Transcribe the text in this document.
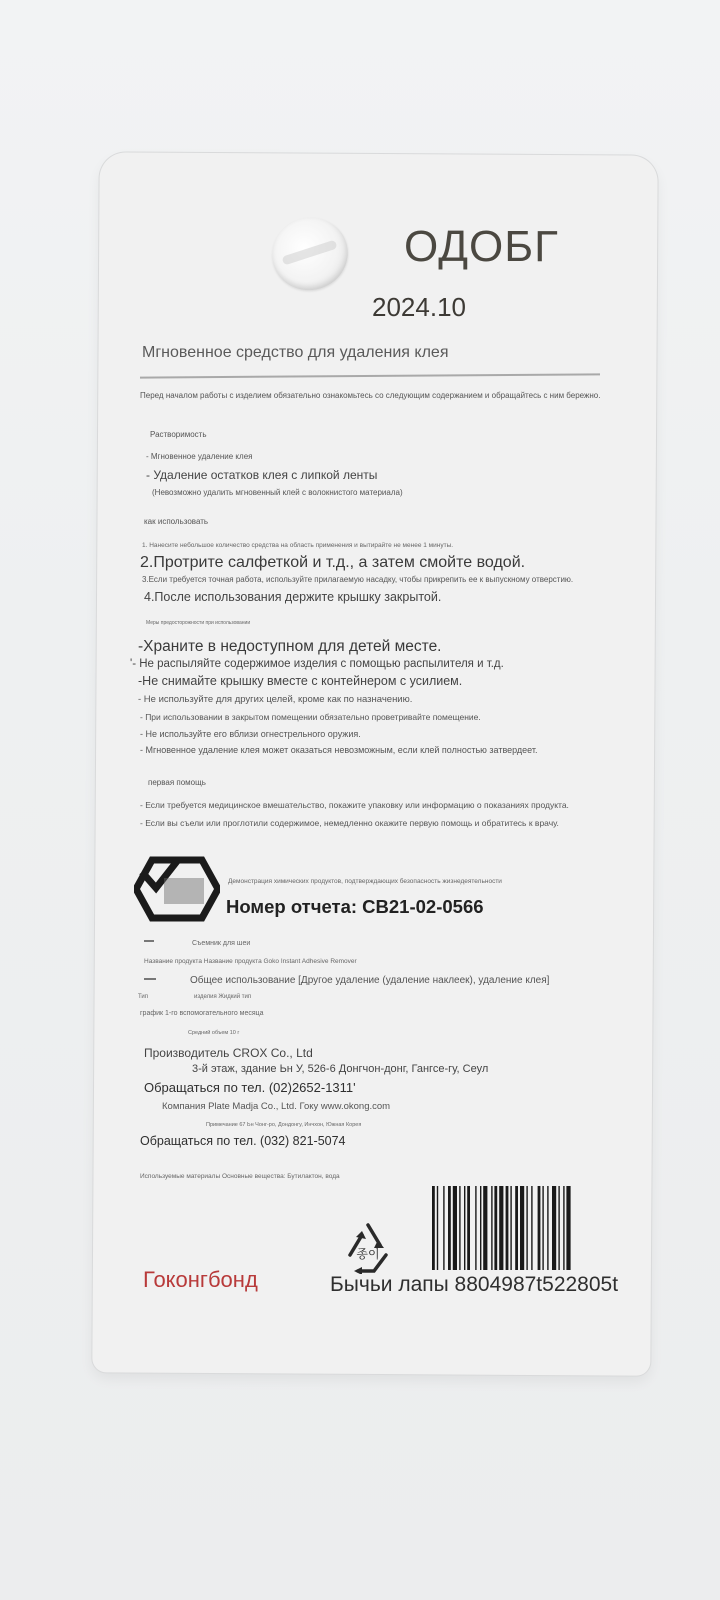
ОДОБГ
2024.10
Мгновенное средство для удаления клея
Перед началом работы с изделием обязательно ознакомьтесь со следующим содержанием и обращайтесь с ним бережно.
Растворимость
- Мгновенное удаление клея
- Удаление остатков клея с липкой ленты
(Невозможно удалить мгновенный клей с волокнистого материала)
как использовать
1. Нанесите небольшое количество средства на область применения и вытирайте не менее 1 минуты.
2.Протрите салфеткой и т.д., а затем смойте водой.
3.Если требуется точная работа, используйте прилагаемую насадку, чтобы прикрепить ее к выпускному отверстию.
4.После использования держите крышку закрытой.
Меры предосторожности при использовании
-Храните в недоступном для детей месте.
'- Не распыляйте содержимое изделия с помощью распылителя и т.д.
-Не снимайте крышку вместе с контейнером с усилием.
- Не используйте для других целей, кроме как по назначению.
- При использовании в закрытом помещении обязательно проветривайте помещение.
- Не используйте его вблизи огнестрельного оружия.
- Мгновенное удаление клея может оказаться невозможным, если клей полностью затвердеет.
первая помощь
- Если требуется медицинское вмешательство, покажите упаковку или информацию о показаниях продукта.
- Если вы съели или проглотили содержимое, немедленно окажите первую помощь и обратитесь к врачу.
Демонстрация химических продуктов, подтверждающих безопасность жизнедеятельности
Номер отчета: CB21-02-0566
Съемник для шеи
Название продукта Название продукта Goko Instant Adhesive Remover
Общее использование [Другое удаление (удаление наклеек), удаление клея]
Тип	изделия Жидкий тип
график 1-го вспомогательного месяца
Средний объем 10 г
Производитель CROX Co., Ltd
3-й этаж, здание Ьн У, 526-6 Донгчон-донг, Гангсе-гу, Сеул
Обращаться по тел. (02)2652-1311'
Компания Plate Madja Co., Ltd. Гоку www.okong.com
Примечание 67 Ьн Чонг-ро, Дондонгу, Инчхон, Южная Корея
Обращаться по тел. (032) 821-5074
Используемые материалы Основные вещества: Бутилактон, вода
Гоконгбонд
종이
Бычьи лапы 8804987t522805t
